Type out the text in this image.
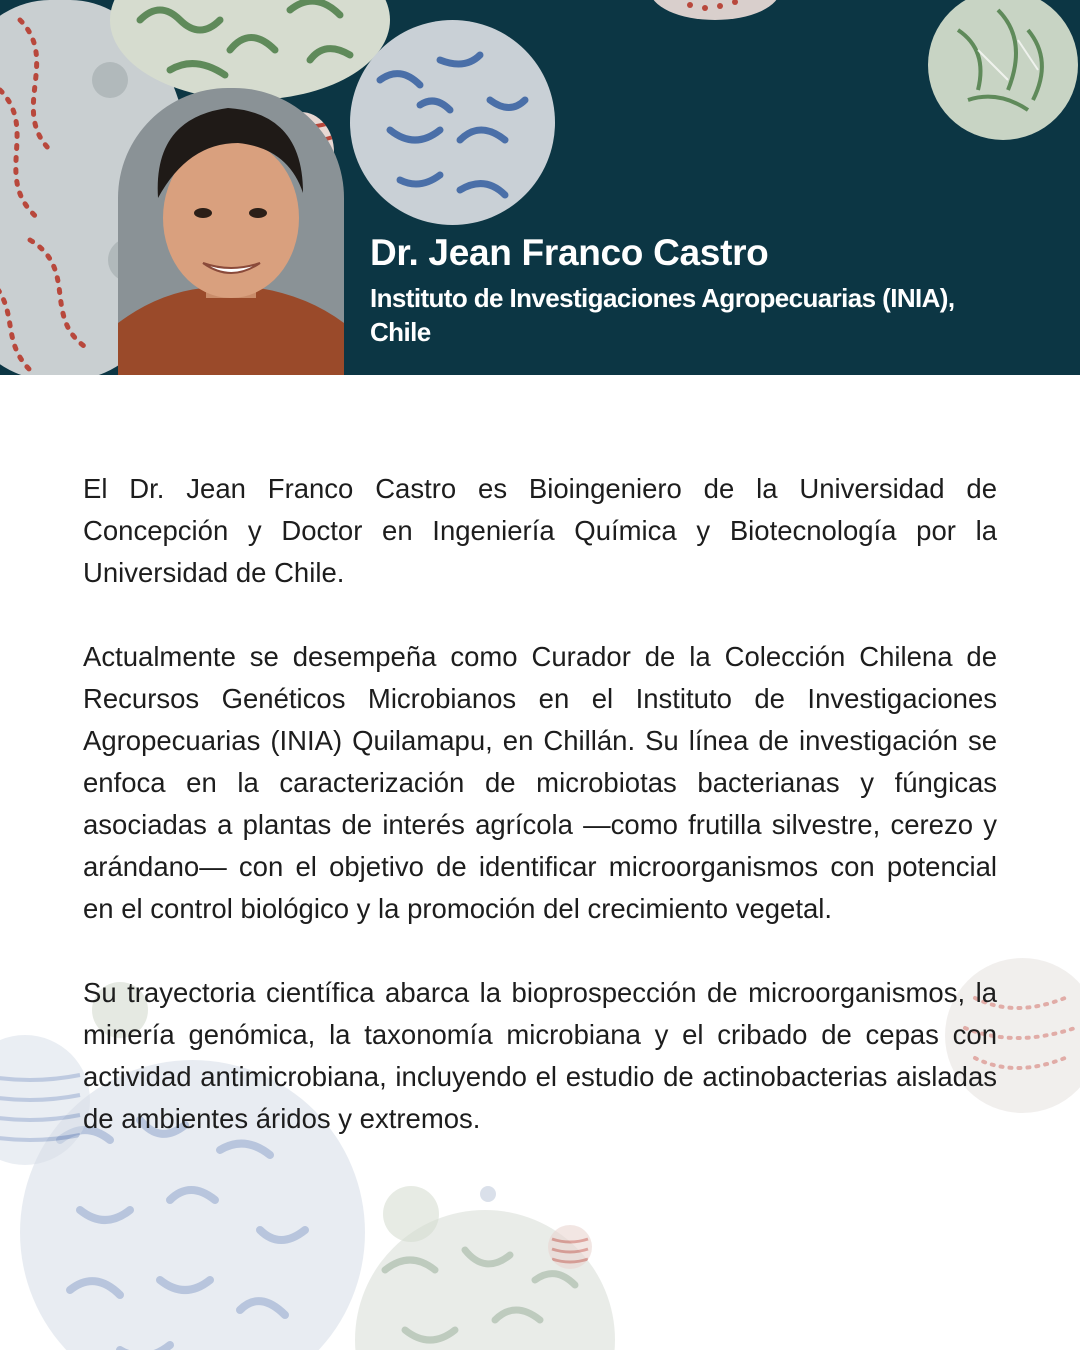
Dr. Jean Franco Castro
Instituto de Investigaciones Agropecuarias (INIA), Chile

El Dr. Jean Franco Castro es Bioingeniero de la Universidad de Concepción y Doctor en Ingeniería Química y Biotecnología por la Universidad de Chile.

Actualmente se desempeña como Curador de la Colección Chilena de Recursos Genéticos Microbianos en el Instituto de Investigaciones Agropecuarias (INIA) Quilamapu, en Chillán. Su línea de investigación se enfoca en la caracterización de microbiotas bacterianas y fúngicas asociadas a plantas de interés agrícola —como frutilla silvestre, cerezo y arándano— con el objetivo de identificar microorganismos con potencial en el control biológico y la promoción del crecimiento vegetal.

Su trayectoria científica abarca la bioprospección de microorganismos, la minería genómica, la taxonomía microbiana y el cribado de cepas con actividad antimicrobiana, incluyendo el estudio de actinobacterias aisladas de ambientes áridos y extremos.
